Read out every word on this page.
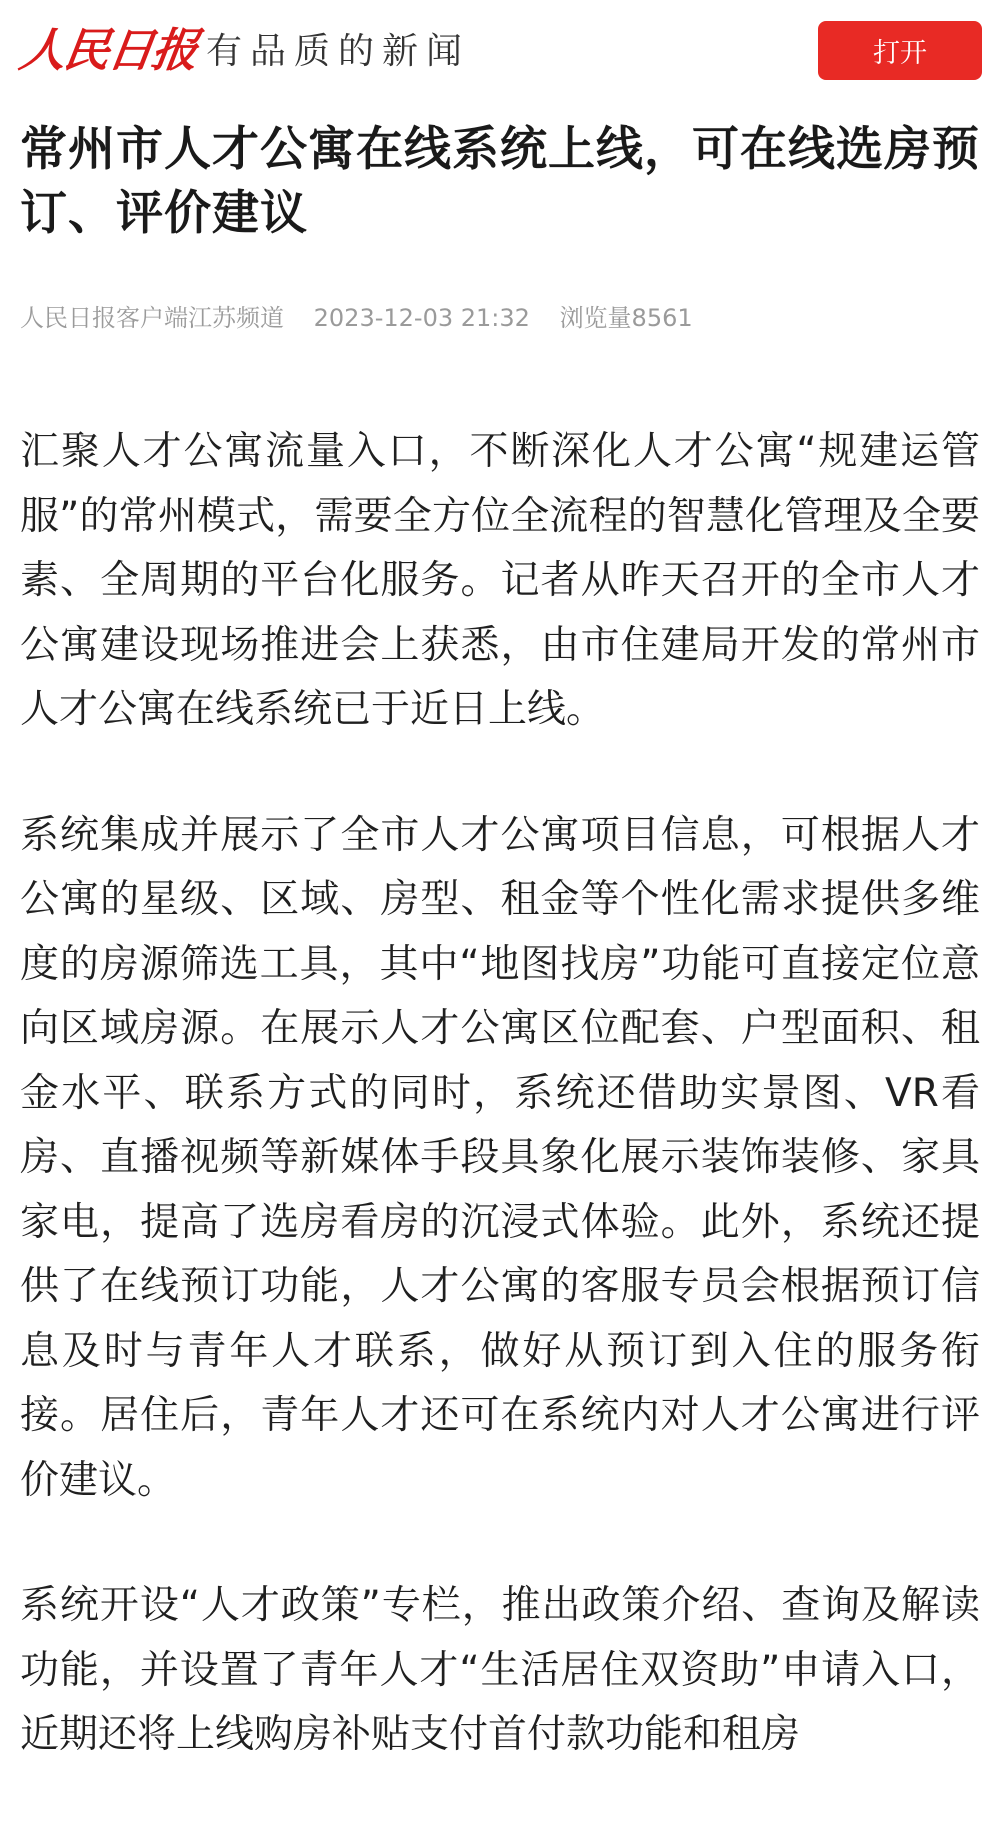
人民日报 有品质的新闻	打开
常州市人才公寓在线系统上线，可在线选房预订、评价建议
人民日报客户端江苏频道 2023-12-03 21:32 浏览量8561

汇聚人才公寓流量入口，不断深化人才公寓“规建运管服”的常州模式，需要全方位全流程的智慧化管理及全要素、全周期的平台化服务。记者从昨天召开的全市人才公寓建设现场推进会上获悉，由市住建局开发的常州市人才公寓在线系统已于近日上线。

系统集成并展示了全市人才公寓项目信息，可根据人才公寓的星级、区域、房型、租金等个性化需求提供多维度的房源筛选工具，其中“地图找房”功能可直接定位意向区域房源。在展示人才公寓区位配套、户型面积、租金水平、联系方式的同时，系统还借助实景图、VR看房、直播视频等新媒体手段具象化展示装饰装修、家具家电，提高了选房看房的沉浸式体验。此外，系统还提供了在线预订功能，人才公寓的客服专员会根据预订信息及时与青年人才联系，做好从预订到入住的服务衔接。居住后，青年人才还可在系统内对人才公寓进行评价建议。

系统开设“人才政策”专栏，推出政策介绍、查询及解读功能，并设置了青年人才“生活居住双资助”申请入口，近期还将上线购房补贴支付首付款功能和租房
